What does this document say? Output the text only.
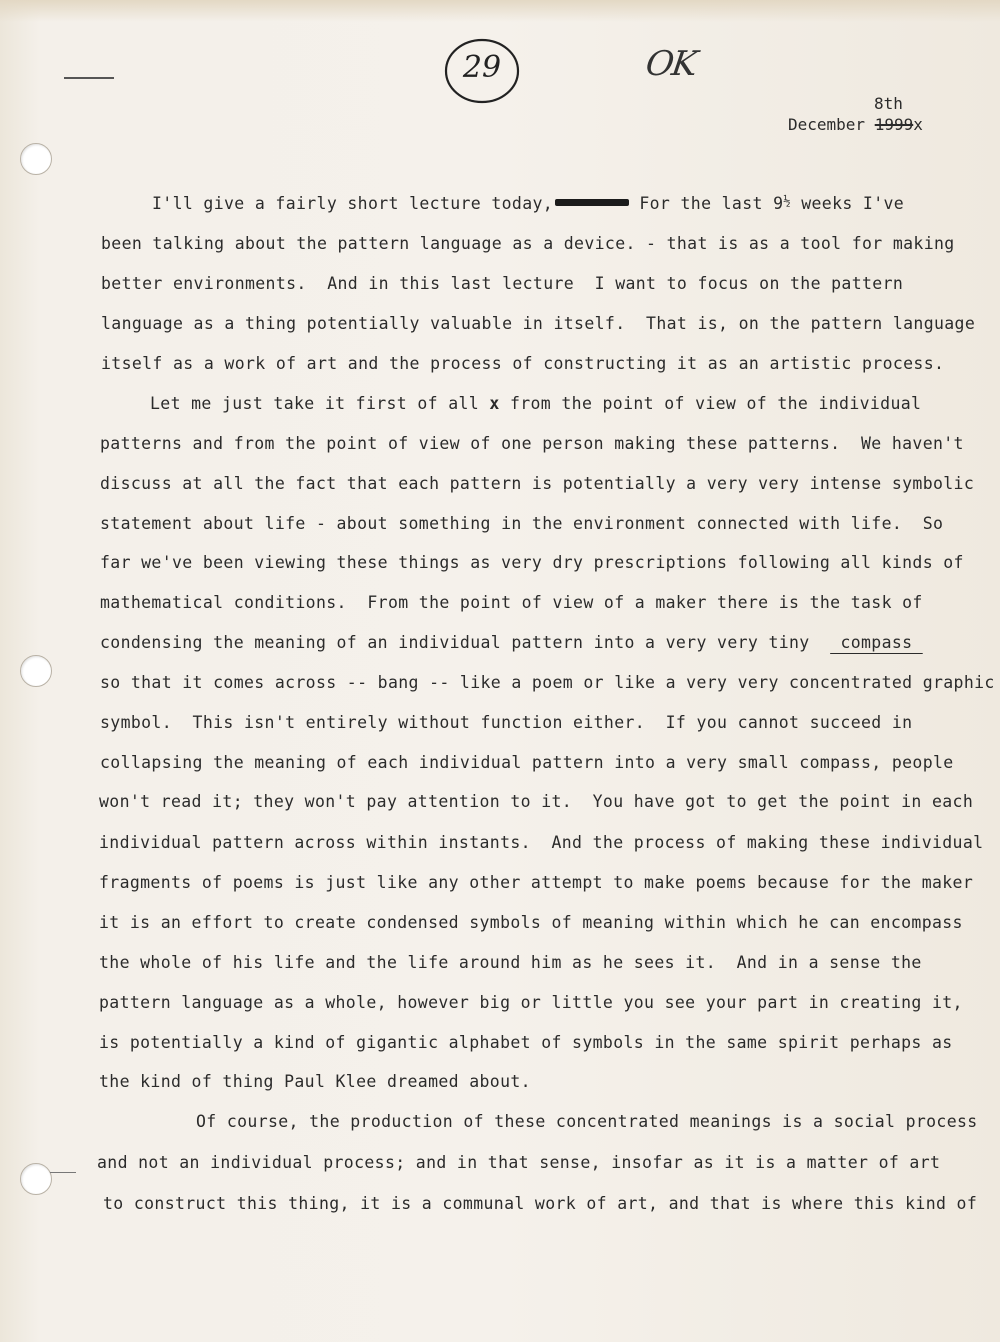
29	OK
8th
December 1999x
I'll give a fairly short lecture today,	For the last $9^{\frac{1}{2}}$ weeks I've
been talking about the pattern language as a device. - that is as a tool for making
better environments.  And in this last lecture  I want to focus on the pattern
language as a thing potentially valuable in itself.  That is, on the pattern language
itself as a work of art and the process of constructing it as an artistic process.
Let me just take it first of all x from the point of view of the individual
patterns and from the point of view of one person making these patterns.  We haven't
discuss at all the fact that each pattern is potentially a very very intense symbolic
statement about life - about something in the environment connected with life.  So
far we've been viewing these things as very dry prescriptions following all kinds of
mathematical conditions.  From the point of view of a maker there is the task of
condensing the meaning of an individual pattern into a very very tiny   compass
so that it comes across -- bang -- like a poem or like a very very concentrated graphic
symbol.  This isn't entirely without function either.  If you cannot succeed in
collapsing the meaning of each individual pattern into a very small compass, people
won't read it; they won't pay attention to it.  You have got to get the point in each
individual pattern across within instants.  And the process of making these individual
fragments of poems is just like any other attempt to make poems because for the maker
it is an effort to create condensed symbols of meaning within which he can encompass
the whole of his life and the life around him as he sees it.  And in a sense the
pattern language as a whole, however big or little you see your part in creating it,
is potentially a kind of gigantic alphabet of symbols in the same spirit perhaps as
the kind of thing Paul Klee dreamed about.
Of course, the production of these concentrated meanings is a social process
and not an individual process; and in that sense, insofar as it is a matter of art
to construct this thing, it is a communal work of art, and that is where this kind of
